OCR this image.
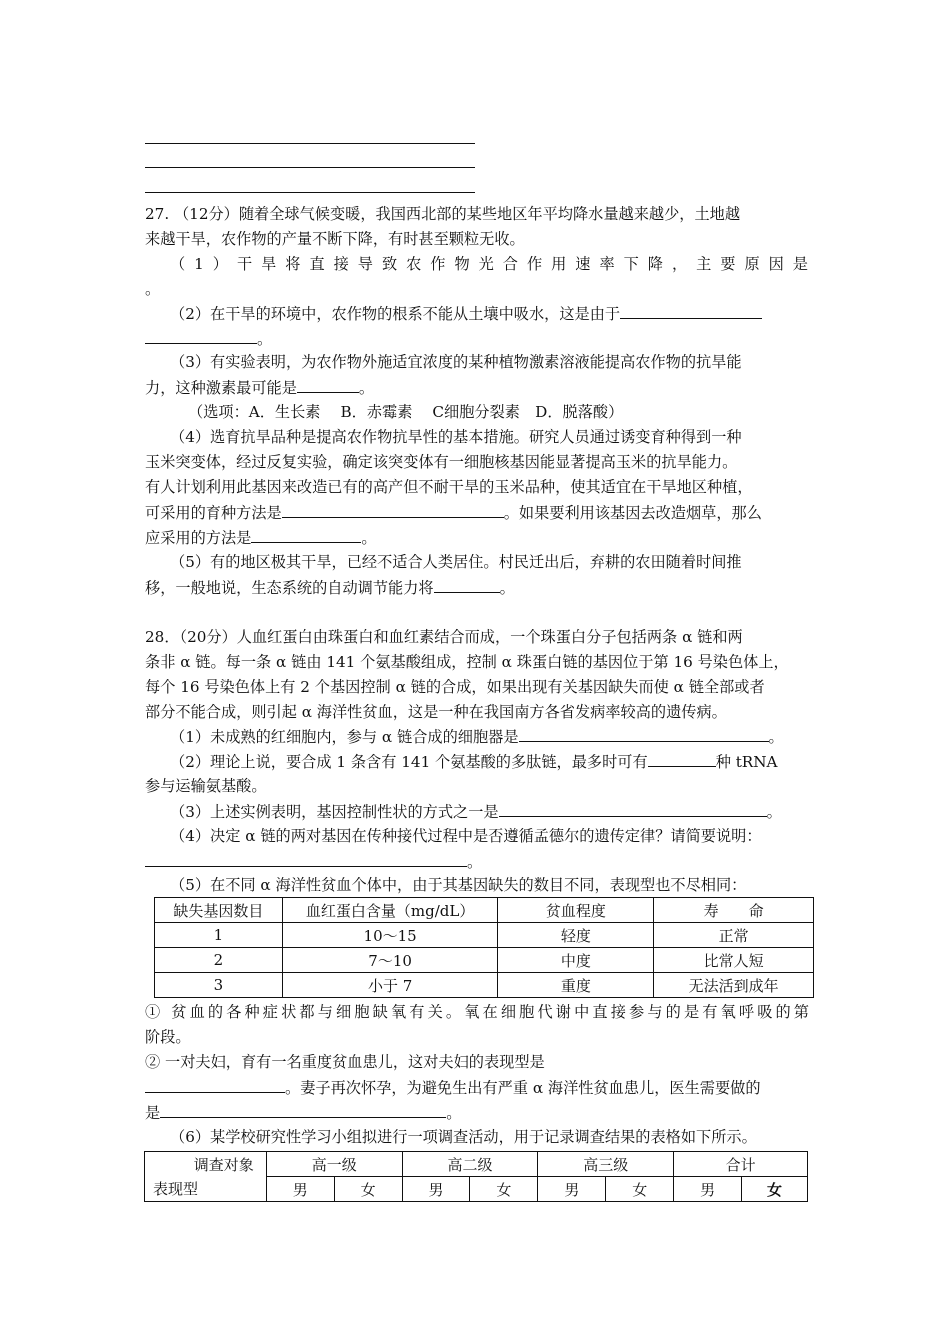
27. （12分）随着全球气候变暖，我国西北部的某些地区年平均降水量越来越少，土地越
来越干旱，农作物的产量不断下降，有时甚至颗粒无收。
（1）干旱将直接导致农作物光合作用速率下降，主要原因是
。
（2）在干旱的环境中，农作物的根系不能从土壤中吸水，这是由于
。
（3）有实验表明，为农作物外施适宜浓度的某种植物激素溶液能提高农作物的抗旱能
力，这种激素最可能是	。
（选项：A．生长素　 B．赤霉素　 C细胞分裂素　D．脱落酸）
（4）选育抗旱品种是提高农作物抗旱性的基本措施。研究人员通过诱变育种得到一种
玉米突变体，经过反复实验，确定该突变体有一细胞核基因能显著提高玉米的抗旱能力。
有人计划利用此基因来改造已有的高产但不耐干旱的玉米品种，使其适宜在干旱地区种植，
可采用的育种方法是	。如果要利用该基因去改造烟草，那么
应采用的方法是	。
（5）有的地区极其干旱，已经不适合人类居住。村民迁出后，弃耕的农田随着时间推
移，一般地说，生态系统的自动调节能力将	。
28．（20分）人血红蛋白由珠蛋白和血红素结合而成，一个珠蛋白分子包括两条 α 链和两
条非 α 链。每一条 α 链由 141 个氨基酸组成，控制 α 珠蛋白链的基因位于第 16 号染色体上，
每个 16 号染色体上有 2 个基因控制 α 链的合成，如果出现有关基因缺失而使 α 链全部或者
部分不能合成，则引起 α 海洋性贫血，这是一种在我国南方各省发病率较高的遗传病。
（1）未成熟的红细胞内，参与 α 链合成的细胞器是	。
（2）理论上说，要合成 1 条含有 141 个氨基酸的多肽链，最多时可有	种 tRNA
参与运输氨基酸。
（3）上述实例表明，基因控制性状的方式之一是	。
（4）决定 α 链的两对基因在传种接代过程中是否遵循孟德尔的遗传定律？请简要说明：
。
（5）在不同 α 海洋性贫血个体中，由于其基因缺失的数目不同，表现型也不尽相同：
缺失基因数目	血红蛋白含量（mg/dL）	贫血程度	寿　　命
1	10～15	轻度	正常
2	7～10	中度	比常人短
3	小于 7	重度	无法活到成年
① 贫血的各种症状都与细胞缺氧有关。氧在细胞代谢中直接参与的是有氧呼吸的第
阶段。
② 一对夫妇，育有一名重度贫血患儿，这对夫妇的表现型是
。妻子再次怀孕，为避免生出有严重 α 海洋性贫血患儿，医生需要做的
是	。
（6）某学校研究性学习小组拟进行一项调查活动，用于记录调查结果的表格如下所示。
调查对象	高一级		高二级		高三级		合计	
表现型	男	女	男	女	男	女	男	女
